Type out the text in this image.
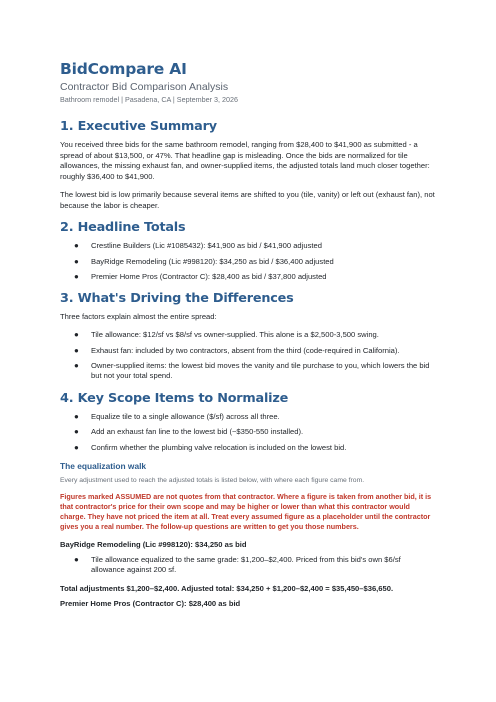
BidCompare AI
Contractor Bid Comparison Analysis
Bathroom remodel | Pasadena, CA | September 3, 2026
1. Executive Summary

You received three bids for the same bathroom remodel, ranging from $28,400 to $41,900 as submitted - a spread of about $13,500, or 47%. That headline gap is misleading. Once the bids are normalized for tile allowances, the missing exhaust fan, and owner-supplied items, the adjusted totals land much closer together: roughly $36,400 to $41,900.

The lowest bid is low primarily because several items are shifted to you (tile, vanity) or left out (exhaust fan), not because the labor is cheaper.

2. Headline Totals
● Crestline Builders (Lic #1085432): $41,900 as bid / $41,900 adjusted
● BayRidge Remodeling (Lic #998120): $34,250 as bid / $36,400 adjusted
● Premier Home Pros (Contractor C): $28,400 as bid / $37,800 adjusted
3. What's Driving the Differences

Three factors explain almost the entire spread:

● Tile allowance: $12/sf vs $8/sf vs owner-supplied. This alone is a $2,500-3,500 swing.
● Exhaust fan: included by two contractors, absent from the third (code-required in California).
● Owner-supplied items: the lowest bid moves the vanity and tile purchase to you, which lowers the bid but not your total spend.
4. Key Scope Items to Normalize
● Equalize tile to a single allowance ($/sf) across all three.
● Add an exhaust fan line to the lowest bid (~$350-550 installed).
● Confirm whether the plumbing valve relocation is included on the lowest bid.
The equalization walk
Every adjustment used to reach the adjusted totals is listed below, with where each figure came from.
Figures marked ASSUMED are not quotes from that contractor. Where a figure is taken from another bid, it is that contractor's price for their own scope and may be higher or lower than what this contractor would charge. They have not priced the item at all. Treat every assumed figure as a placeholder until the contractor gives you a real number. The follow-up questions are written to get you those numbers.
BayRidge Remodeling (Lic #998120): $34,250 as bid
● Tile allowance equalized to the same grade: $1,200–$2,400. Priced from this bid's own $6/sf allowance against 200 sf.
Total adjustments $1,200–$2,400. Adjusted total: $34,250 + $1,200–$2,400 = $35,450–$36,650.
Premier Home Pros (Contractor C): $28,400 as bid
